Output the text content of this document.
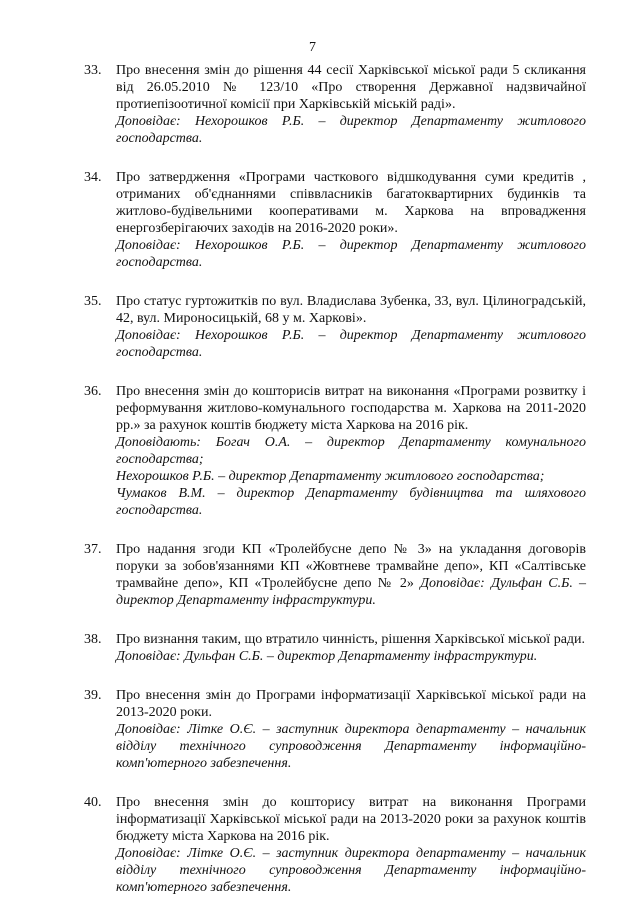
7
33. Про внесення змін до рішення 44 сесії Харківської міської ради 5 скликання від 26.05.2010 № 123/10 «Про створення Державної надзвичайної протиепізоотичної комісії при Харківській міській раді».
Доповідає: Нехорошков Р.Б. – директор Департаменту житлового господарства.
34. Про затвердження «Програми часткового відшкодування суми кредитів , отриманих об'єднаннями співвласників багатоквартирних будинків та житлово-будівельними кооперативами м. Харкова на впровадження енергозберігаючих заходів на 2016-2020 роки».
Доповідає: Нехорошков Р.Б. – директор Департаменту житлового господарства.
35. Про статус гуртожитків по вул. Владислава Зубенка, 33, вул. Цілиноградській, 42, вул. Мироносицькій, 68 у м. Харкові».
Доповідає: Нехорошков Р.Б. – директор Департаменту житлового господарства.
36. Про внесення змін до кошторисів витрат на виконання «Програми розвитку і реформування житлово-комунального господарства м. Харкова на 2011-2020 рр.» за рахунок коштів бюджету міста Харкова на 2016 рік.
Доповідають: Богач О.А. – директор Департаменту комунального господарства;
Нехорошков Р.Б. – директор Департаменту житлового господарства;
Чумаков В.М. – директор Департаменту будівництва та шляхового господарства.
37. Про надання згоди КП «Тролейбусне депо № 3» на укладання договорів поруки за зобов'язаннями КП «Жовтневе трамвайне депо», КП «Салтівське трамвайне депо», КП «Тролейбусне депо № 2» Доповідає: Дульфан С.Б. – директор Департаменту інфраструктури.
38. Про визнання таким, що втратило чинність, рішення Харківської міської ради.
Доповідає: Дульфан С.Б. – директор Департаменту інфраструктури.
39. Про внесення змін до Програми інформатизації Харківської міської ради на 2013-2020 роки.
Доповідає: Літке О.Є. – заступник директора департаменту – начальник відділу технічного супроводження Департаменту інформаційно-комп'ютерного забезпечення.
40. Про внесення змін до кошторису витрат на виконання Програми інформатизації Харківської міської ради на 2013-2020 роки за рахунок коштів бюджету міста Харкова на 2016 рік.
Доповідає: Літке О.Є. – заступник директора департаменту – начальник відділу технічного супроводження Департаменту інформаційно-комп'ютерного забезпечення.
